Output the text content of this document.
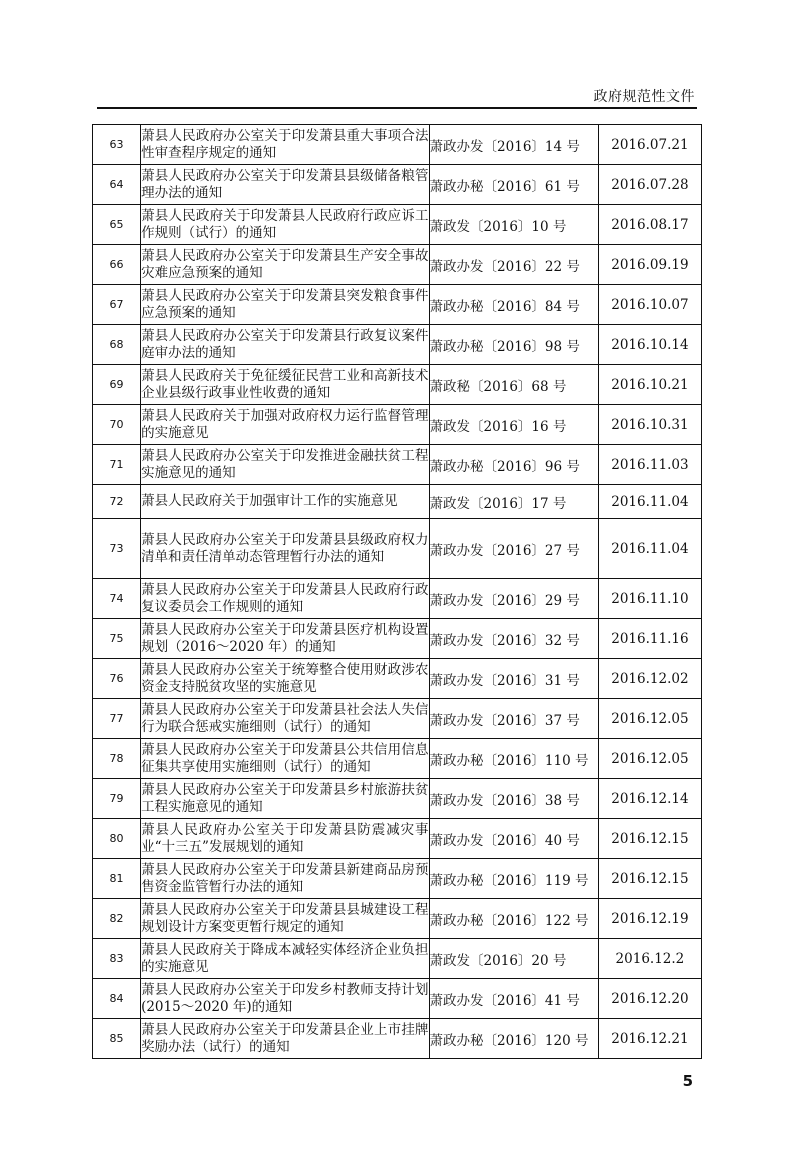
政府规范性文件
63	萧县人民政府办公室关于印发萧县重大事项合法性审查程序规定的通知	萧政办发〔2016〕14 号	2016.07.21
64	萧县人民政府办公室关于印发萧县县级储备粮管理办法的通知	萧政办秘〔2016〕61 号	2016.07.28
65	萧县人民政府关于印发萧县人民政府行政应诉工作规则（试行）的通知	萧政发〔2016〕10 号	2016.08.17
66	萧县人民政府办公室关于印发萧县生产安全事故灾难应急预案的通知	萧政办发〔2016〕22 号	2016.09.19
67	萧县人民政府办公室关于印发萧县突发粮食事件应急预案的通知	萧政办秘〔2016〕84 号	2016.10.07
68	萧县人民政府办公室关于印发萧县行政复议案件庭审办法的通知	萧政办秘〔2016〕98 号	2016.10.14
69	萧县人民政府关于免征缓征民营工业和高新技术企业县级行政事业性收费的通知	萧政秘〔2016〕68 号	2016.10.21
70	萧县人民政府关于加强对政府权力运行监督管理的实施意见	萧政发〔2016〕16 号	2016.10.31
71	萧县人民政府办公室关于印发推进金融扶贫工程实施意见的通知	萧政办秘〔2016〕96 号	2016.11.03
72	萧县人民政府关于加强审计工作的实施意见	萧政发〔2016〕17 号	2016.11.04
73	萧县人民政府办公室关于印发萧县县级政府权力清单和责任清单动态管理暂行办法的通知	萧政办发〔2016〕27 号	2016.11.04
74	萧县人民政府办公室关于印发萧县人民政府行政复议委员会工作规则的通知	萧政办发〔2016〕29 号	2016.11.10
75	萧县人民政府办公室关于印发萧县医疗机构设置规划（2016～2020 年）的通知	萧政办发〔2016〕32 号	2016.11.16
76	萧县人民政府办公室关于统筹整合使用财政涉农资金支持脱贫攻坚的实施意见	萧政办发〔2016〕31 号	2016.12.02
77	萧县人民政府办公室关于印发萧县社会法人失信行为联合惩戒实施细则（试行）的通知	萧政办发〔2016〕37 号	2016.12.05
78	萧县人民政府办公室关于印发萧县公共信用信息征集共享使用实施细则（试行）的通知	萧政办秘〔2016〕110 号	2016.12.05
79	萧县人民政府办公室关于印发萧县乡村旅游扶贫工程实施意见的通知	萧政办发〔2016〕38 号	2016.12.14
80	萧县人民政府办公室关于印发萧县防震减灾事业“十三五”发展规划的通知	萧政办发〔2016〕40 号	2016.12.15
81	萧县人民政府办公室关于印发萧县新建商品房预售资金监管暂行办法的通知	萧政办秘〔2016〕119 号	2016.12.15
82	萧县人民政府办公室关于印发萧县县城建设工程规划设计方案变更暂行规定的通知	萧政办秘〔2016〕122 号	2016.12.19
83	萧县人民政府关于降成本减轻实体经济企业负担的实施意见	萧政发〔2016〕20 号	2016.12.2
84	萧县人民政府办公室关于印发乡村教师支持计划(2015～2020 年)的通知	萧政办发〔2016〕41 号	2016.12.20
85	萧县人民政府办公室关于印发萧县企业上市挂牌奖励办法（试行）的通知	萧政办秘〔2016〕120 号	2016.12.21
5
